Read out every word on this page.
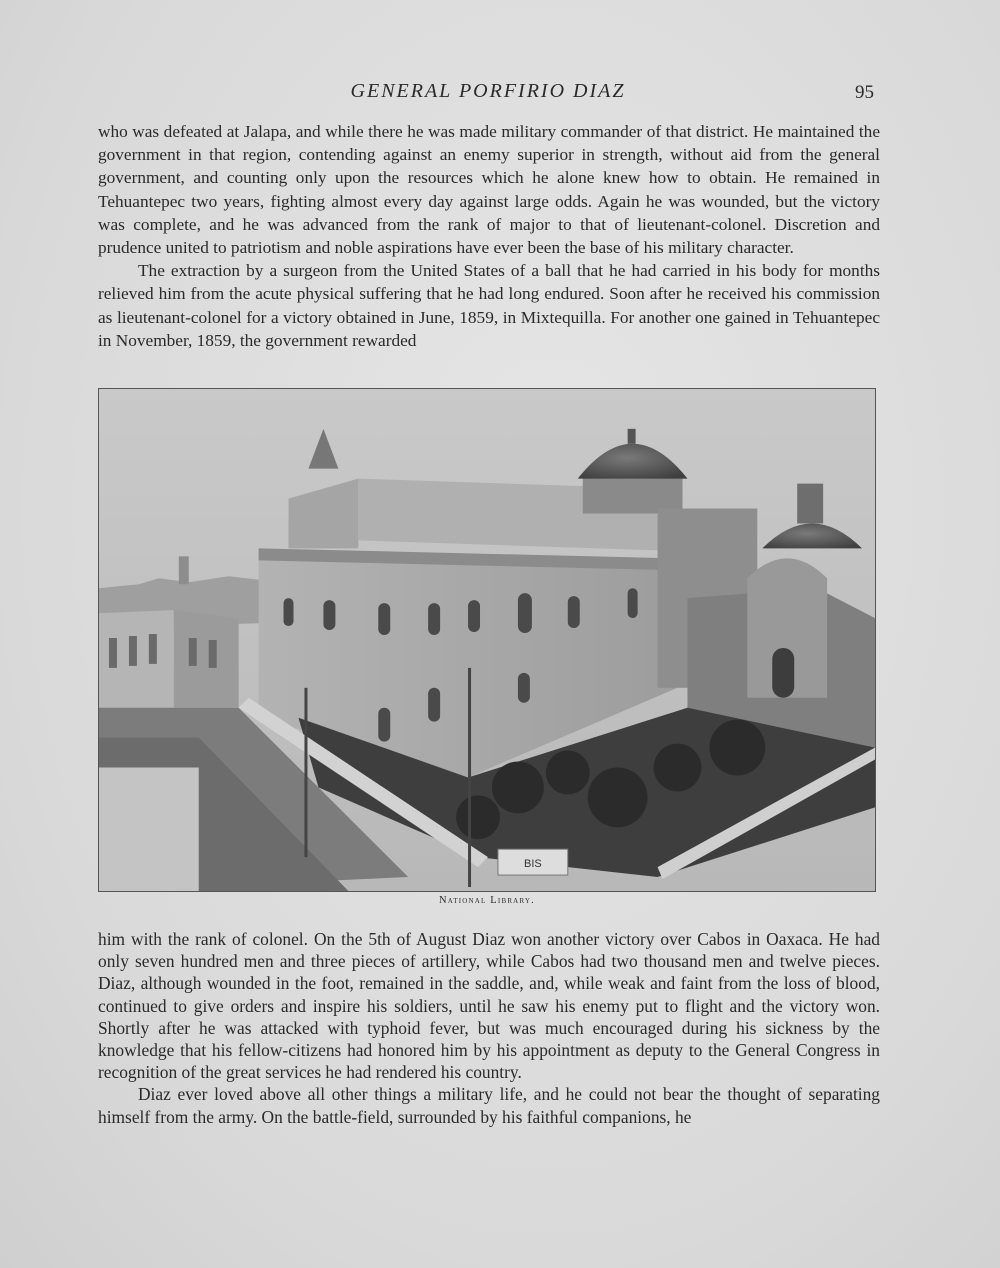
GENERAL PORFIRIO DIAZ	95

who was defeated at Jalapa, and while there he was made military commander of that district. He maintained the government in that region, contending against an enemy superior in strength, without aid from the general government, and counting only upon the resources which he alone knew how to obtain. He remained in Tehuantepec two years, fighting almost every day against large odds. Again he was wounded, but the victory was complete, and he was advanced from the rank of major to that of lieutenant-colonel. Discretion and prudence united to patriotism and noble aspirations have ever been the base of his military character.

The extraction by a surgeon from the United States of a ball that he had carried in his body for months relieved him from the acute physical suffering that he had long endured. Soon after he received his commission as lieutenant-colonel for a victory obtained in June, 1859, in Mixtequilla. For another one gained in Tehuantepec in November, 1859, the government rewarded

BIS
National Library.

him with the rank of colonel. On the 5th of August Diaz won another victory over Cabos in Oaxaca. He had only seven hundred men and three pieces of artillery, while Cabos had two thousand men and twelve pieces. Diaz, although wounded in the foot, remained in the saddle, and, while weak and faint from the loss of blood, continued to give orders and inspire his soldiers, until he saw his enemy put to flight and the victory won. Shortly after he was attacked with typhoid fever, but was much encouraged during his sickness by the knowledge that his fellow-citizens had honored him by his appointment as deputy to the General Congress in recognition of the great services he had rendered his country.

Diaz ever loved above all other things a military life, and he could not bear the thought of separating himself from the army. On the battle-field, surrounded by his faithful companions, he
